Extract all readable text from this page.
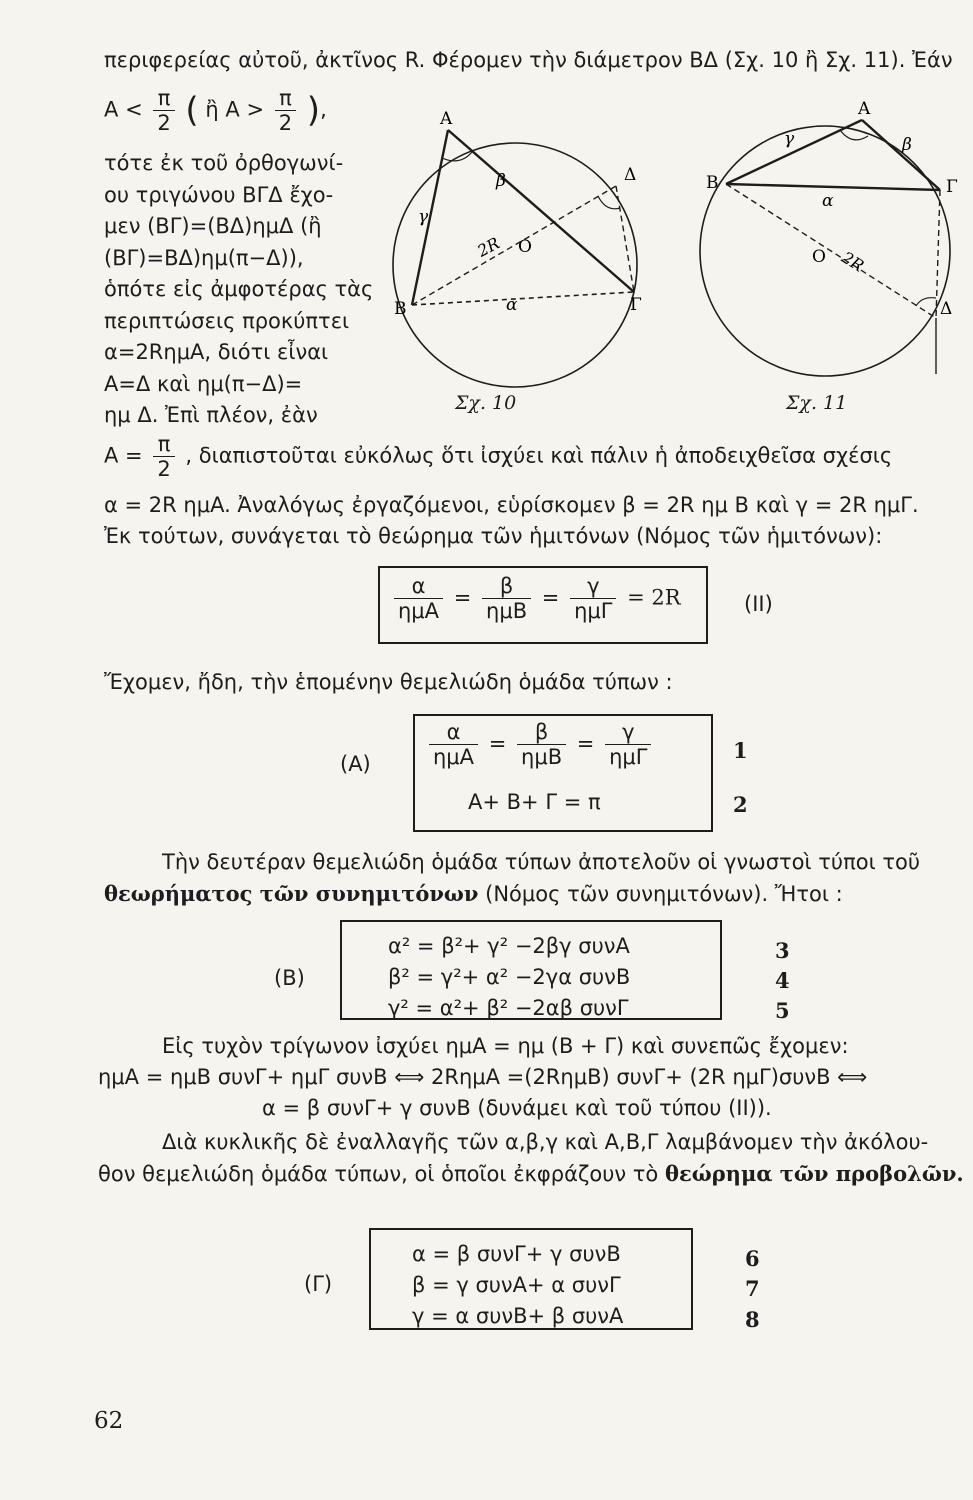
περιφερείας αὐτοῦ, ἀκτῖνος R. Φέρομεν τὴν διάμετρον ΒΔ (Σχ. 10 ἢ Σχ. 11). Ἐάν
$A < \frac{\pi}{2}$ ( ἢ $A > \frac{\pi}{2}$ ),
τότε ἐκ τοῦ ὀρθογωνί-
ου τριγώνου ΒΓΔ ἔχο-
μεν (ΒΓ)=(ΒΔ)ημΔ (ἢ
(ΒΓ)=ΒΔ)ημ(π−Δ)),
ὁπότε εἰς ἀμφοτέρας τὰς
περιπτώσεις προκύπτει
α=2RημA, διότι εἶναι
A=Δ καὶ ημ(π−Δ)=
ημ Δ. Ἐπὶ πλέον, ἐὰν
A
B	Γ
Δ
O
γ
β
α
2R
Σχ. 10
A
B	Γ
Δ
O
γ	β
α
2R
Σχ. 11
$A = \frac{\pi}{2}$ , διαπιστοῦται εὐκόλως ὅτι ἰσχύει καὶ πάλιν ἡ ἀποδειχθεῖσα σχέσις
α = 2R ημA. Ἀναλόγως ἐργαζόμενοι, εὑρίσκομεν β = 2R ημ Β καὶ γ = 2R ημΓ.
Ἐκ τούτων, συνάγεται τὸ θεώρημα τῶν ἡμιτόνων (Νόμος τῶν ἡμιτόνων):
$\frac{\alpha}{\text{ημA}} = \frac{\beta}{\text{ημB}} = \frac{\gamma}{\text{ημΓ}} = 2R$	(II)
Ἔχομεν, ἤδη, τὴν ἑπομένην θεμελιώδη ὁμάδα τύπων :
(A)	$\frac{\alpha}{\text{ημA}} = \frac{\beta}{\text{ημB}} = \frac{\gamma}{\text{ημΓ}}$
A+ B+ Γ = π
1
2
Τὴν δευτέραν θεμελιώδη ὁμάδα τύπων ἀποτελοῦν οἱ γνωστοὶ τύποι τοῦ
θεωρήματος τῶν συνημιτόνων (Νόμος τῶν συνημιτόνων). Ἤτοι :
(B)
α² = β²+ γ² −2βγ συνA
β² = γ²+ α² −2γα συνB
γ² = α²+ β² −2αβ συνΓ
3
4
5
Εἰς τυχὸν τρίγωνον ἰσχύει ημA = ημ (B + Γ) καὶ συνεπῶς ἔχομεν:
ημA = ημB συνΓ+ ημΓ συνB ⟺ 2RημA =(2RημB) συνΓ+ (2R ημΓ)συνB ⟺
α = β συνΓ+ γ συνB (δυνάμει καὶ τοῦ τύπου (II)).
Διὰ κυκλικῆς δὲ ἐναλλαγῆς τῶν α,β,γ καὶ A,B,Γ λαμβάνομεν τὴν ἀκόλου-
θον θεμελιώδη ὁμάδα τύπων, οἱ ὁποῖοι ἐκφράζουν τὸ θεώρημα τῶν προβολῶν.
(Γ)
α = β συνΓ+ γ συνB
β = γ συνA+ α συνΓ
γ = α συνB+ β συνA
6
7
8
62
